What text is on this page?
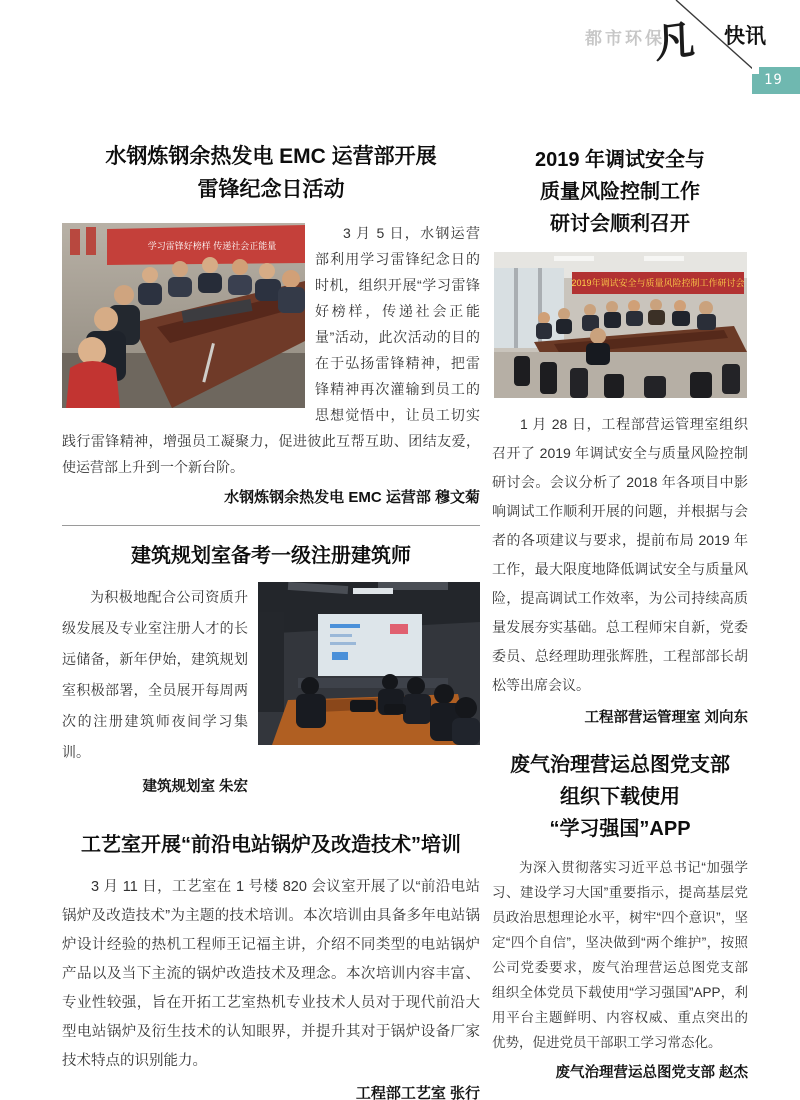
都市环保
凡 快讯
19
水钢炼钢余热发电 EMC 运营部开展
雷锋纪念日活动
学习雷锋好榜样 传递社会正能量
3 月 5 日，水钢运营部利用学习雷锋纪念日的时机，组织开展“学习雷锋好榜样，传递社会正能量”活动，此次活动的目的在于弘扬雷锋精神，把雷锋精神再次灌输到员工的思想觉悟中，让员工切实践行雷锋精神，增强员工凝聚力，促进彼此互帮互助、团结友爱，使运营部上升到一个新台阶。
水钢炼钢余热发电 EMC 运营部 穆文菊
建筑规划室备考一级注册建筑师
为积极地配合公司资质升级发展及专业室注册人才的长远储备，新年伊始，建筑规划室积极部署，全员展开每周两次的注册建筑师夜间学习集训。
建筑规划室 朱宏
工艺室开展“前沿电站锅炉及改造技术”培训
3 月 11 日，工艺室在 1 号楼 820 会议室开展了以“前沿电站锅炉及改造技术”为主题的技术培训。本次培训由具备多年电站锅炉设计经验的热机工程师王记福主讲，介绍不同类型的电站锅炉产品以及当下主流的锅炉改造技术及理念。本次培训内容丰富、专业性较强，旨在开拓工艺室热机专业技术人员对于现代前沿大型电站锅炉及衍生技术的认知眼界，并提升其对于锅炉设备厂家技术特点的识别能力。
工程部工艺室 张行
2019 年调试安全与
质量风险控制工作
研讨会顺利召开
2019年调试安全与质量风险控制工作研讨会
1 月 28 日，工程部营运管理室组织召开了 2019 年调试安全与质量风险控制研讨会。会议分析了 2018 年各项目中影响调试工作顺利开展的问题，并根据与会者的各项建议与要求，提前布局 2019 年工作，最大限度地降低调试安全与质量风险，提高调试工作效率，为公司持续高质量发展夯实基础。总工程师宋自新，党委委员、总经理助理张辉胜，工程部部长胡松等出席会议。
工程部营运管理室 刘向东
废气治理营运总图党支部
组织下载使用
“学习强国”APP
为深入贯彻落实习近平总书记“加强学习、建设学习大国”重要指示，提高基层党员政治思想理论水平，树牢“四个意识”，坚定“四个自信”，坚决做到“两个维护”，按照公司党委要求，废气治理营运总图党支部组织全体党员下载使用“学习强国”APP，利用平台主题鲜明、内容权威、重点突出的优势，促进党员干部职工学习常态化。
废气治理营运总图党支部 赵杰
